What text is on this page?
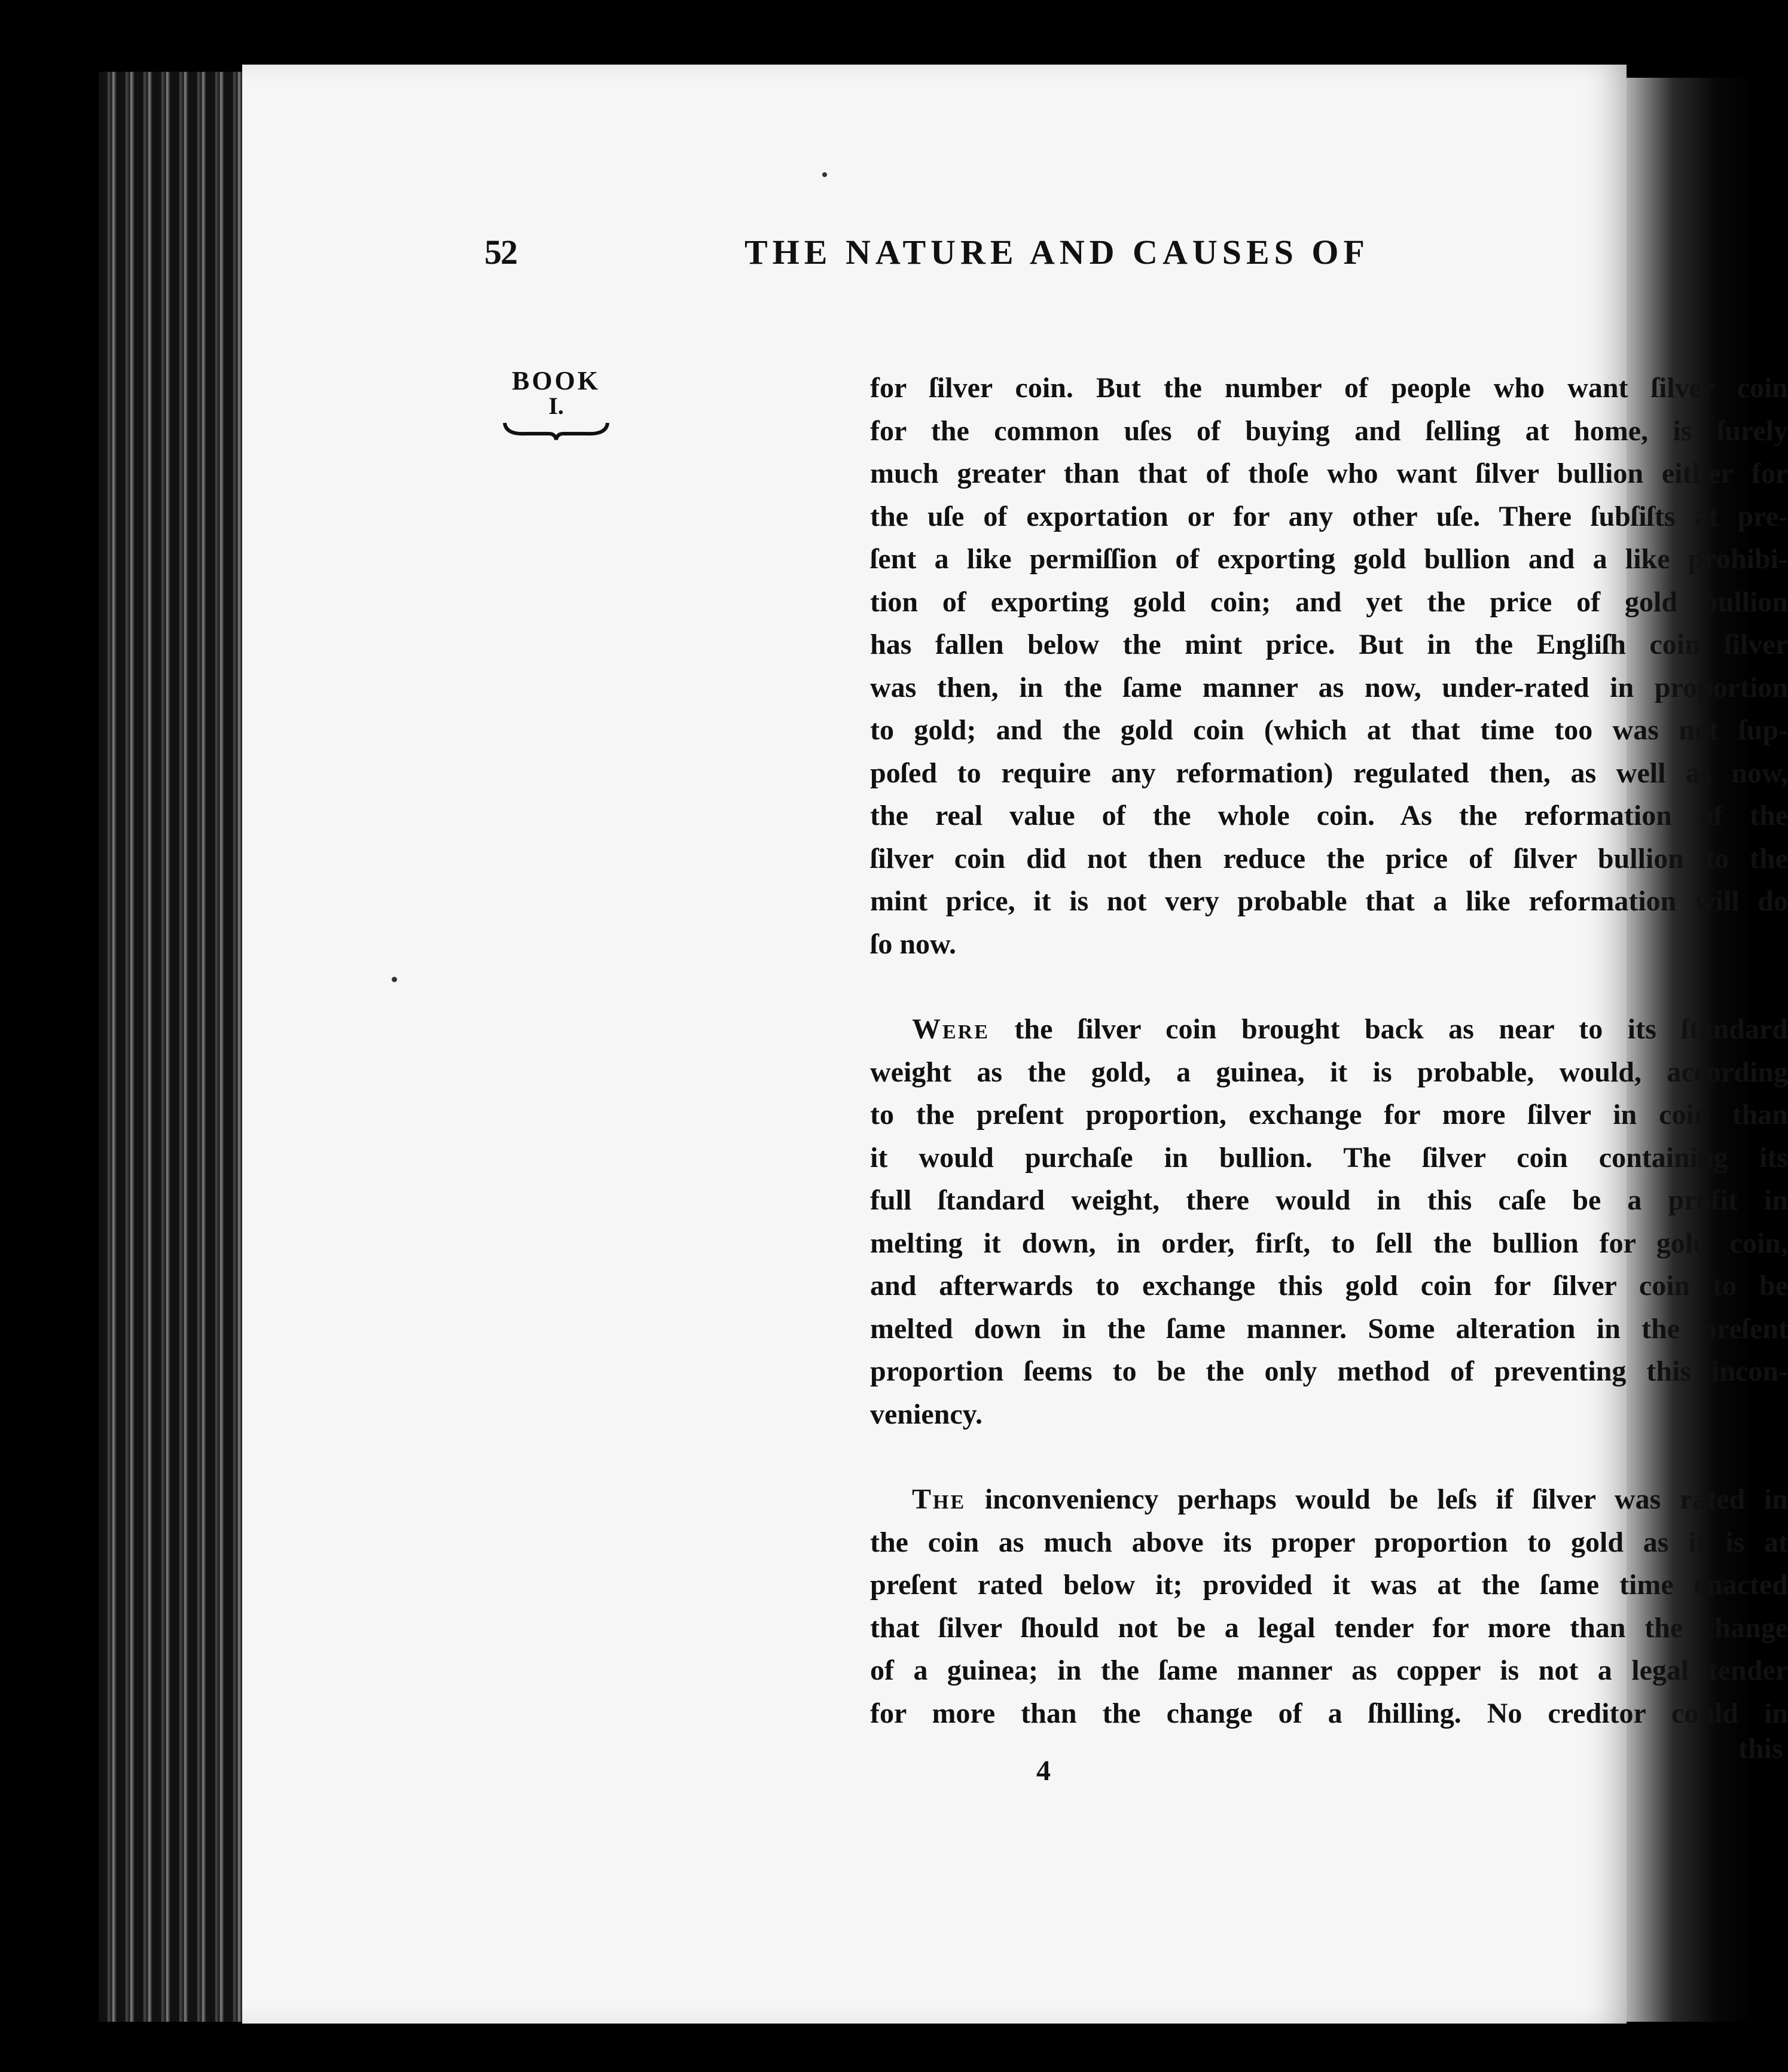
52	THE NATURE AND CAUSES OF
BOOK
I.

for ſilver coin. But the number of people who want ſilver coin
for the common uſes of buying and ſelling at home, is ſurely
much greater than that of thoſe who want ſilver bullion either for
the uſe of exportation or for any other uſe. There ſubſiſts at pre-
ſent a like permiſſion of exporting gold bullion and a like prohibi-
tion of exporting gold coin; and yet the price of gold bullion
has fallen below the mint price. But in the Engliſh coin ſilver
was then, in the ſame manner as now, under-rated in proportion
to gold; and the gold coin (which at that time too was not ſup-
poſed to require any reformation) regulated then, as well as now,
the real value of the whole coin. As the reformation of the
ſilver coin did not then reduce the price of ſilver bullion to the
mint price, it is not very probable that a like reformation will do
ſo now.

Were the ſilver coin brought back as near to its ſtandard
weight as the gold, a guinea, it is probable, would, according
to the preſent proportion, exchange for more ſilver in coin than
it would purchaſe in bullion. The ſilver coin containing its
full ſtandard weight, there would in this caſe be a profit in
melting it down, in order, firſt, to ſell the bullion for gold coin,
and afterwards to exchange this gold coin for ſilver coin to be
melted down in the ſame manner. Some alteration in the preſent
proportion ſeems to be the only method of preventing this incon-
veniency.

The inconveniency perhaps would be leſs if ſilver was rated in
the coin as much above its proper proportion to gold as it is at
preſent rated below it; provided it was at the ſame time enacted
that ſilver ſhould not be a legal tender for more than the change
of a guinea; in the ſame manner as copper is not a legal tender
for more than the change of a ſhilling. No creditor could in

this
4
